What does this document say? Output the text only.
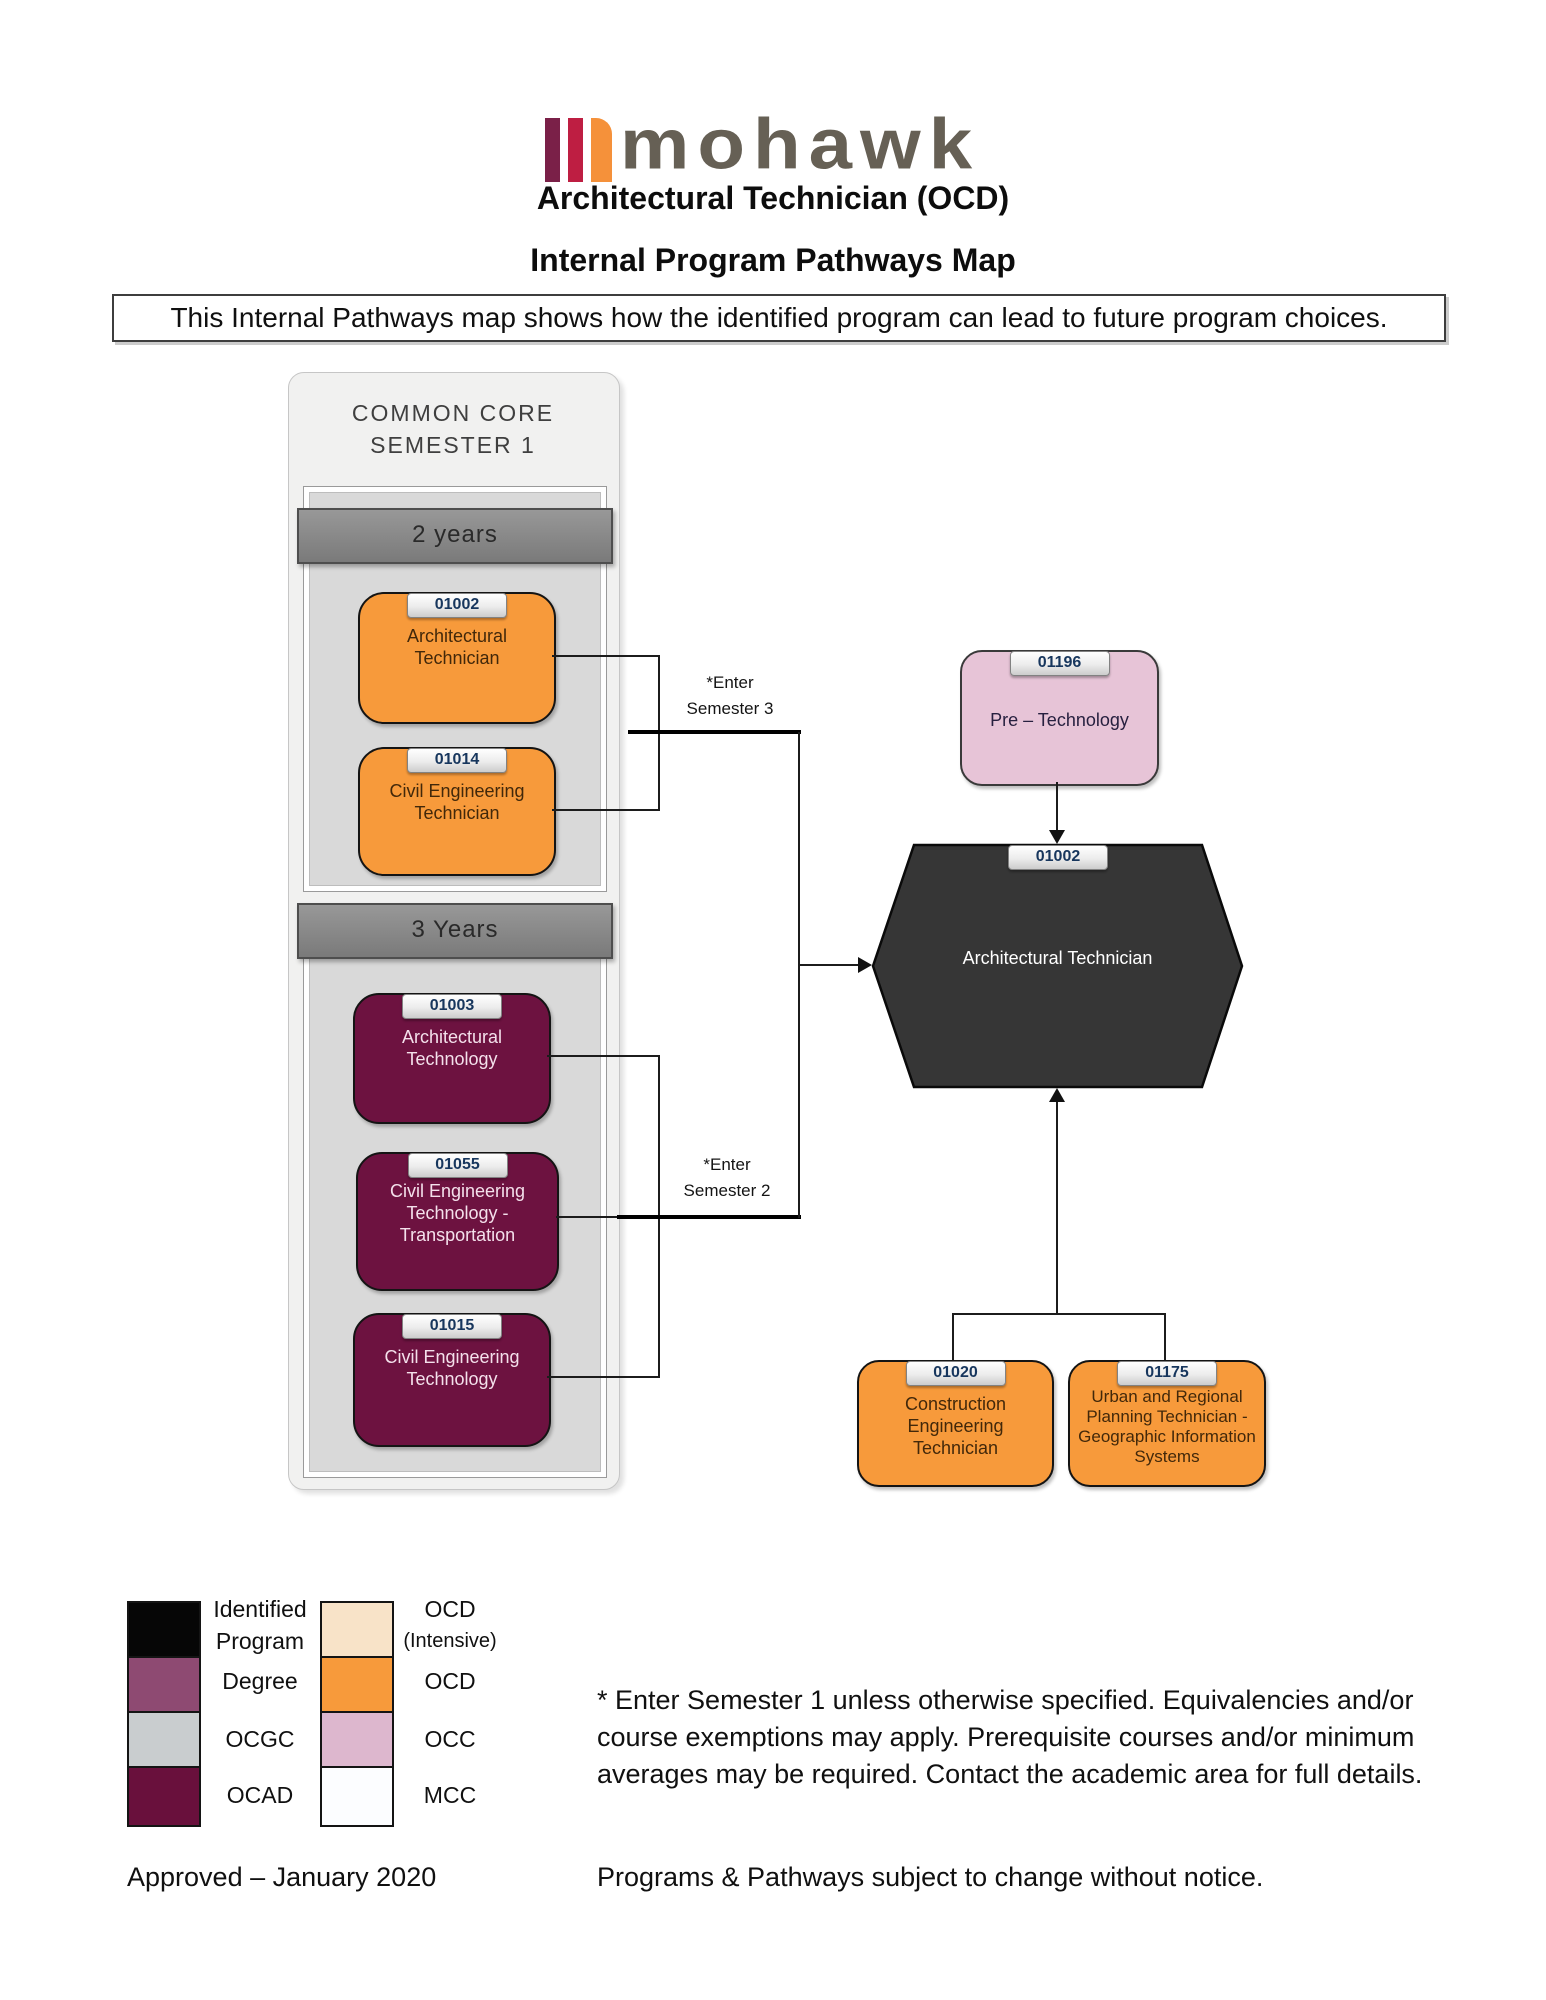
mohawk
Architectural Technician (OCD)
Internal Program Pathways Map
This Internal Pathways map shows how the identified program can lead to future program choices.
COMMON CORE
SEMESTER 1
2 years
01002
Architectural Technician
01014
Civil Engineering Technician
3 Years
01003
Architectural Technology
01055
Civil Engineering Technology - Transportation
01015
Civil Engineering Technology
*Enter
Semester 3
*Enter
Semester 2
01196
Pre – Technology
01002
Architectural Technician
01020
Construction Engineering Technician
01175
Urban and Regional Planning Technician - Geographic Information Systems
Identified
Program
Degree
OCGC
OCAD
OCD
(Intensive)
OCD
OCC
MCC
* Enter Semester 1 unless otherwise specified. Equivalencies and/or
course exemptions may apply. Prerequisite courses and/or minimum
averages may be required. Contact the academic area for full details.
Approved – January 2020	Programs & Pathways subject to change without notice.
